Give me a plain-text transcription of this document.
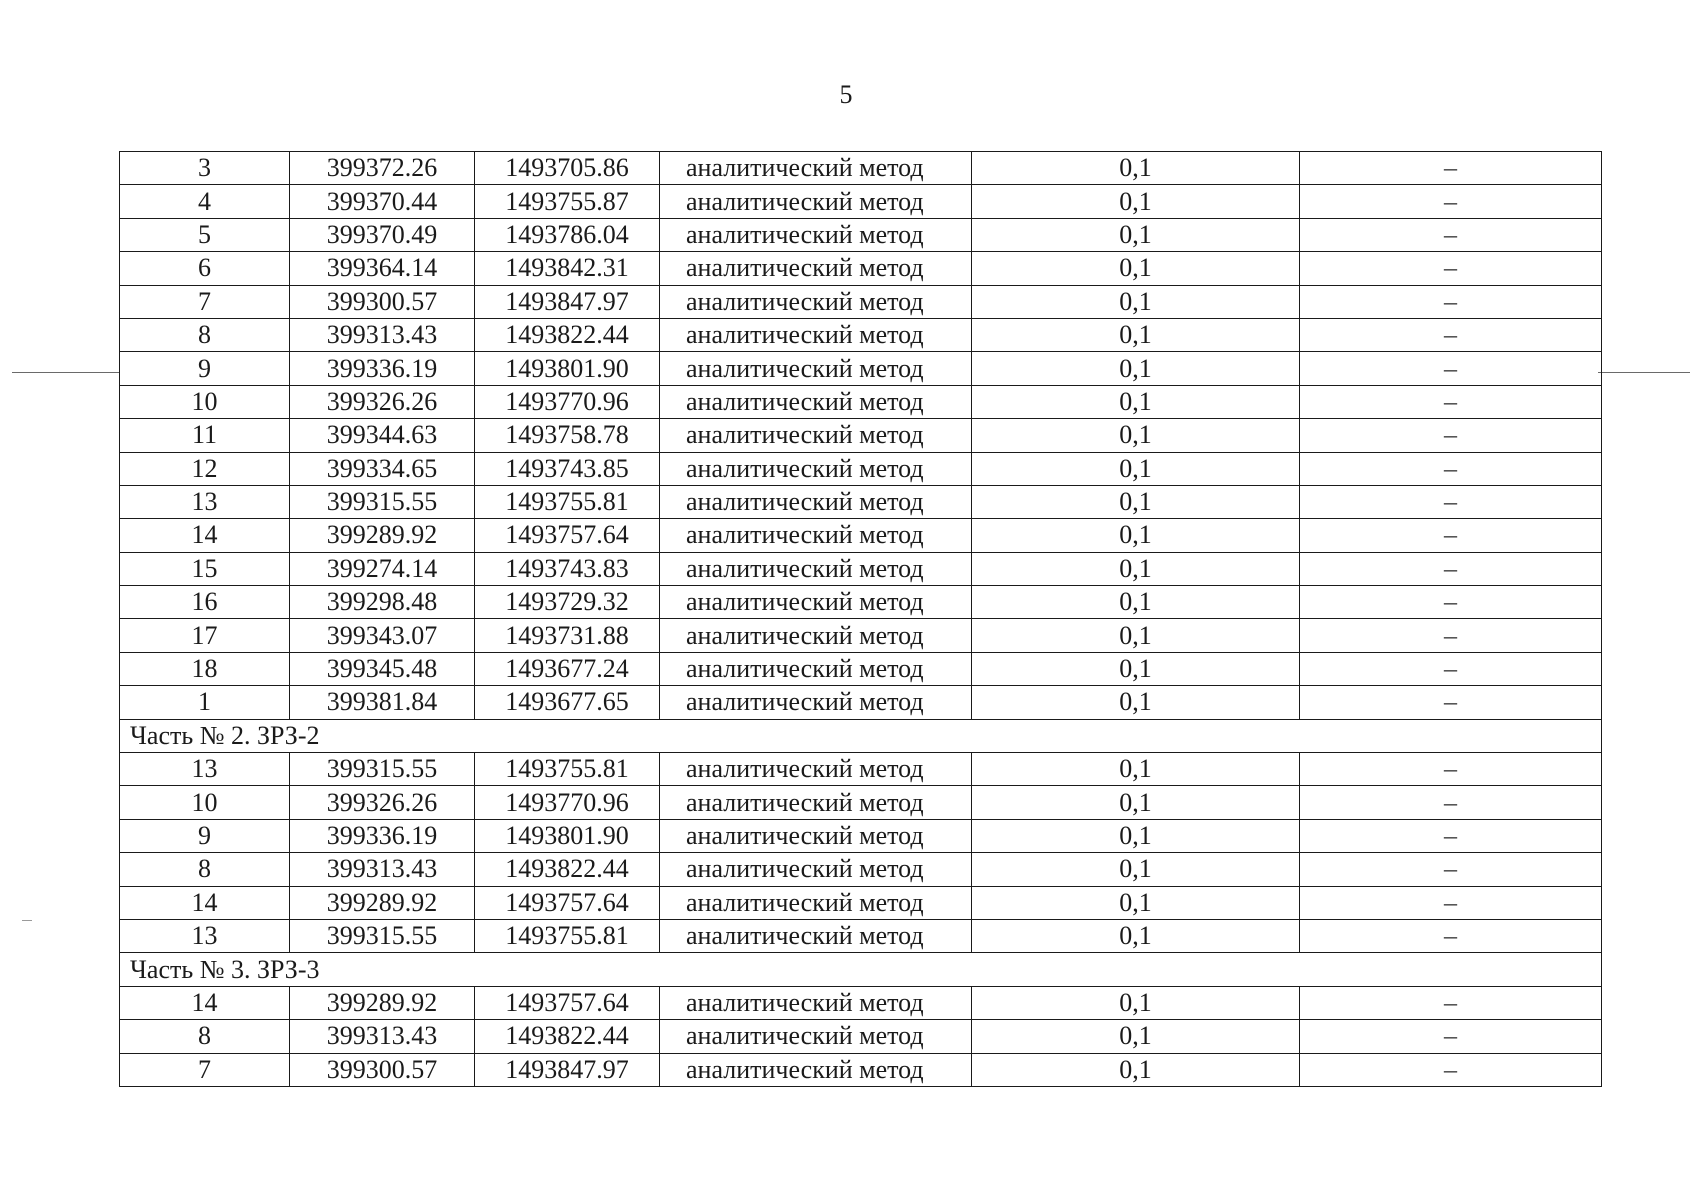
5
3	399372.26	1493705.86	аналитический метод	0,1	–
4	399370.44	1493755.87	аналитический метод	0,1	–
5	399370.49	1493786.04	аналитический метод	0,1	–
6	399364.14	1493842.31	аналитический метод	0,1	–
7	399300.57	1493847.97	аналитический метод	0,1	–
8	399313.43	1493822.44	аналитический метод	0,1	–
9	399336.19	1493801.90	аналитический метод	0,1	–
10	399326.26	1493770.96	аналитический метод	0,1	–
11	399344.63	1493758.78	аналитический метод	0,1	–
12	399334.65	1493743.85	аналитический метод	0,1	–
13	399315.55	1493755.81	аналитический метод	0,1	–
14	399289.92	1493757.64	аналитический метод	0,1	–
15	399274.14	1493743.83	аналитический метод	0,1	–
16	399298.48	1493729.32	аналитический метод	0,1	–
17	399343.07	1493731.88	аналитический метод	0,1	–
18	399345.48	1493677.24	аналитический метод	0,1	–
1	399381.84	1493677.65	аналитический метод	0,1	–
Часть № 2. ЗРЗ-2					
13	399315.55	1493755.81	аналитический метод	0,1	–
10	399326.26	1493770.96	аналитический метод	0,1	–
9	399336.19	1493801.90	аналитический метод	0,1	–
8	399313.43	1493822.44	аналитический метод	0,1	–
14	399289.92	1493757.64	аналитический метод	0,1	–
13	399315.55	1493755.81	аналитический метод	0,1	–
Часть № 3. ЗРЗ-3					
14	399289.92	1493757.64	аналитический метод	0,1	–
8	399313.43	1493822.44	аналитический метод	0,1	–
7	399300.57	1493847.97	аналитический метод	0,1	–
